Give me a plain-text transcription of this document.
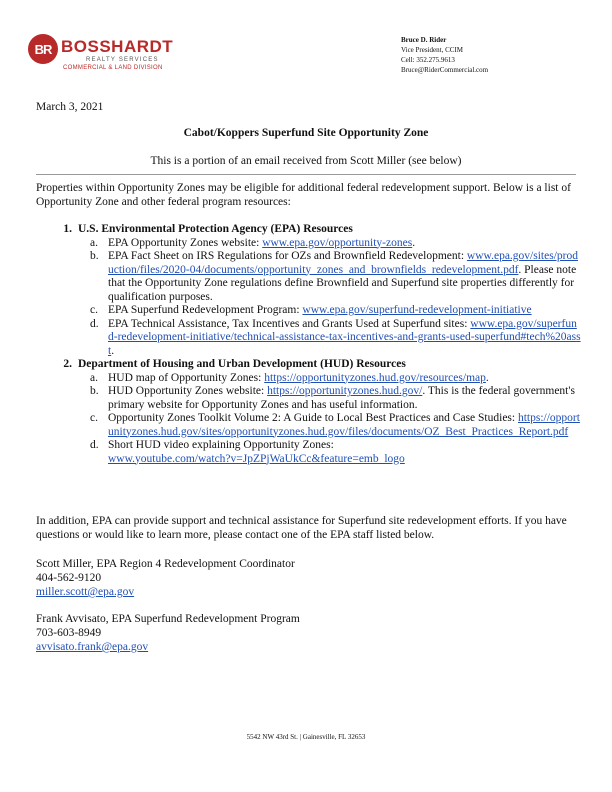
BR BOSSHARDT
REALTY SERVICES
COMMERCIAL & LAND DIVISION
Bruce D. Rider
Vice President, CCIM
Cell: 352.275.9613
Bruce@RiderCommercial.com
March 3, 2021
Cabot/Koppers Superfund Site Opportunity Zone
This is a portion of an email received from Scott Miller (see below)
Properties within Opportunity Zones may be eligible for additional federal redevelopment support. Below is a list of Opportunity Zone and other federal program resources:
1. U.S. Environmental Protection Agency (EPA) Resources
a. EPA Opportunity Zones website: www.epa.gov/opportunity-zones.
b. EPA Fact Sheet on IRS Regulations for OZs and Brownfield Redevelopment: www.epa.gov/sites/production/files/2020-04/documents/opportunity_zones_and_brownfields_redevelopment.pdf. Please note that the Opportunity Zone regulations define Brownfield and Superfund site properties differently for qualification purposes.
c. EPA Superfund Redevelopment Program: www.epa.gov/superfund-redevelopment-initiative
d. EPA Technical Assistance, Tax Incentives and Grants Used at Superfund sites: www.epa.gov/superfund-redevelopment-initiative/technical-assistance-tax-incentives-and-grants-used-superfund#tech%20asst.
2. Department of Housing and Urban Development (HUD) Resources
a. HUD map of Opportunity Zones: https://opportunityzones.hud.gov/resources/map.
b. HUD Opportunity Zones website: https://opportunityzones.hud.gov/. This is the federal government's primary website for Opportunity Zones and has useful information.
c. Opportunity Zones Toolkit Volume 2: A Guide to Local Best Practices and Case Studies: https://opportunityzones.hud.gov/sites/opportunityzones.hud.gov/files/documents/OZ_Best_Practices_Report.pdf
d. Short HUD video explaining Opportunity Zones:
www.youtube.com/watch?v=JpZPjWaUkCc&feature=emb_logo
In addition, EPA can provide support and technical assistance for Superfund site redevelopment efforts. If you have questions or would like to learn more, please contact one of the EPA staff listed below.
Scott Miller, EPA Region 4 Redevelopment Coordinator
404-562-9120
miller.scott@epa.gov
Frank Avvisato, EPA Superfund Redevelopment Program
703-603-8949
avvisato.frank@epa.gov
5542 NW 43rd St. | Gainesville, FL 32653
